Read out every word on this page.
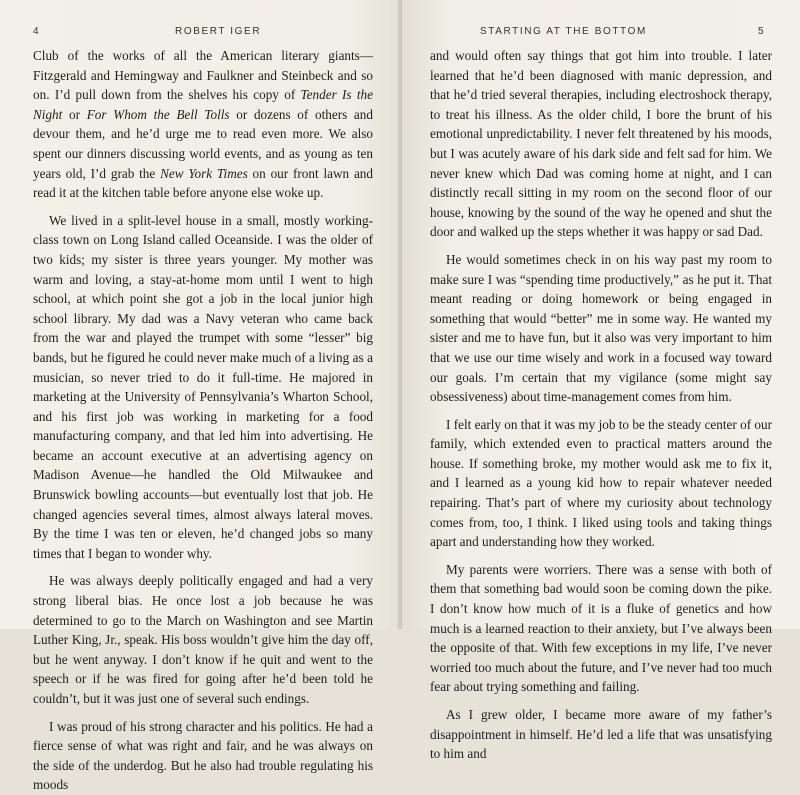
4	ROBERT IGER

Club of the works of all the American literary giants—Fitzgerald and Hemingway and Faulkner and Steinbeck and so on. I’d pull down from the shelves his copy of Tender Is the Night or For Whom the Bell Tolls or dozens of others and devour them, and he’d urge me to read even more. We also spent our dinners discussing world events, and as young as ten years old, I’d grab the New York Times on our front lawn and read it at the kitchen table before anyone else woke up.

We lived in a split-level house in a small, mostly working-class town on Long Island called Oceanside. I was the older of two kids; my sister is three years younger. My mother was warm and loving, a stay-at-home mom until I went to high school, at which point she got a job in the local junior high school library. My dad was a Navy veteran who came back from the war and played the trumpet with some “lesser” big bands, but he figured he could never make much of a living as a musician, so never tried to do it full-time. He majored in marketing at the University of Pennsylvania’s Wharton School, and his first job was working in marketing for a food manufacturing company, and that led him into advertising. He became an account executive at an advertising agency on Madison Avenue—he handled the Old Milwaukee and Brunswick bowling accounts—but eventually lost that job. He changed agencies several times, almost always lateral moves. By the time I was ten or eleven, he’d changed jobs so many times that I began to wonder why.

He was always deeply politically engaged and had a very strong liberal bias. He once lost a job because he was determined to go to the March on Washington and see Martin Luther King, Jr., speak. His boss wouldn’t give him the day off, but he went anyway. I don’t know if he quit and went to the speech or if he was fired for going after he’d been told he couldn’t, but it was just one of several such endings.

I was proud of his strong character and his politics. He had a fierce sense of what was right and fair, and he was always on the side of the underdog. But he also had trouble regulating his moods

STARTING AT THE BOTTOM	5

and would often say things that got him into trouble. I later learned that he’d been diagnosed with manic depression, and that he’d tried several therapies, including electroshock therapy, to treat his illness. As the older child, I bore the brunt of his emotional unpredictability. I never felt threatened by his moods, but I was acutely aware of his dark side and felt sad for him. We never knew which Dad was coming home at night, and I can distinctly recall sitting in my room on the second floor of our house, knowing by the sound of the way he opened and shut the door and walked up the steps whether it was happy or sad Dad.

He would sometimes check in on his way past my room to make sure I was “spending time productively,” as he put it. That meant reading or doing homework or being engaged in something that would “better” me in some way. He wanted my sister and me to have fun, but it also was very important to him that we use our time wisely and work in a focused way toward our goals. I’m certain that my vigilance (some might say obsessiveness) about time-management comes from him.

I felt early on that it was my job to be the steady center of our family, which extended even to practical matters around the house. If something broke, my mother would ask me to fix it, and I learned as a young kid how to repair whatever needed repairing. That’s part of where my curiosity about technology comes from, too, I think. I liked using tools and taking things apart and understanding how they worked.

My parents were worriers. There was a sense with both of them that something bad would soon be coming down the pike. I don’t know how much of it is a fluke of genetics and how much is a learned reaction to their anxiety, but I’ve always been the opposite of that. With few exceptions in my life, I’ve never worried too much about the future, and I’ve never had too much fear about trying something and failing.

As I grew older, I became more aware of my father’s disappointment in himself. He’d led a life that was unsatisfying to him and
